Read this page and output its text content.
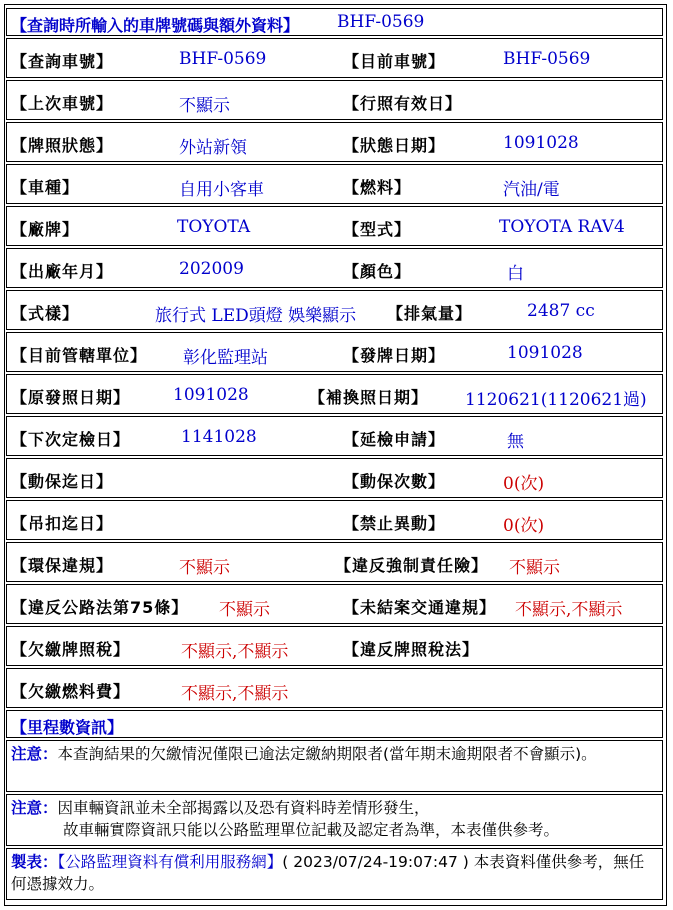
【查詢時所輸入的車牌號碼與額外資料】 BHF-0569
【查詢車號】	BHF-0569	【目前車號】	BHF-0569
【上次車號】	不顯示	【行照有效日】
【牌照狀態】	外站新領	【狀態日期】	1091028
【車種】	自用小客車	【燃料】	汽油/電
【廠牌】	TOYOTA	【型式】	TOYOTA RAV4
【出廠年月】	202009	【顏色】	白
【式樣】	旅行式 LED頭燈 娛樂顯示 【排氣量】	2487 cc
【目前管轄單位】 彰化監理站	【發牌日期】	1091028
【原發照日期】	1091028	【補換照日期】 1120621(1120621過)
【下次定檢日】	1141028	【延檢申請】	無
【動保迄日】	【動保次數】	0(次)
【吊扣迄日】	【禁止異動】	0(次)
【環保違規】	不顯示	【違反強制責任險】 不顯示
【違反公路法第75條】 不顯示	【未結案交通違規】 不顯示,不顯示
【欠繳牌照稅】	不顯示,不顯示	【違反牌照稅法】
【欠繳燃料費】	不顯示,不顯示
【里程數資訊】
注意：本查詢結果的欠繳情況僅限已逾法定繳納期限者(當年期末逾期限者不會顯示)。
注意：因車輛資訊並未全部揭露以及恐有資料時差情形發生，
故車輛實際資訊只能以公路監理單位記載及認定者為準，本表僅供參考。
製表：【公路監理資料有償利用服務網】( 2023/07/24-19:07:47 ) 本表資料僅供參考，無任何憑據效力。
